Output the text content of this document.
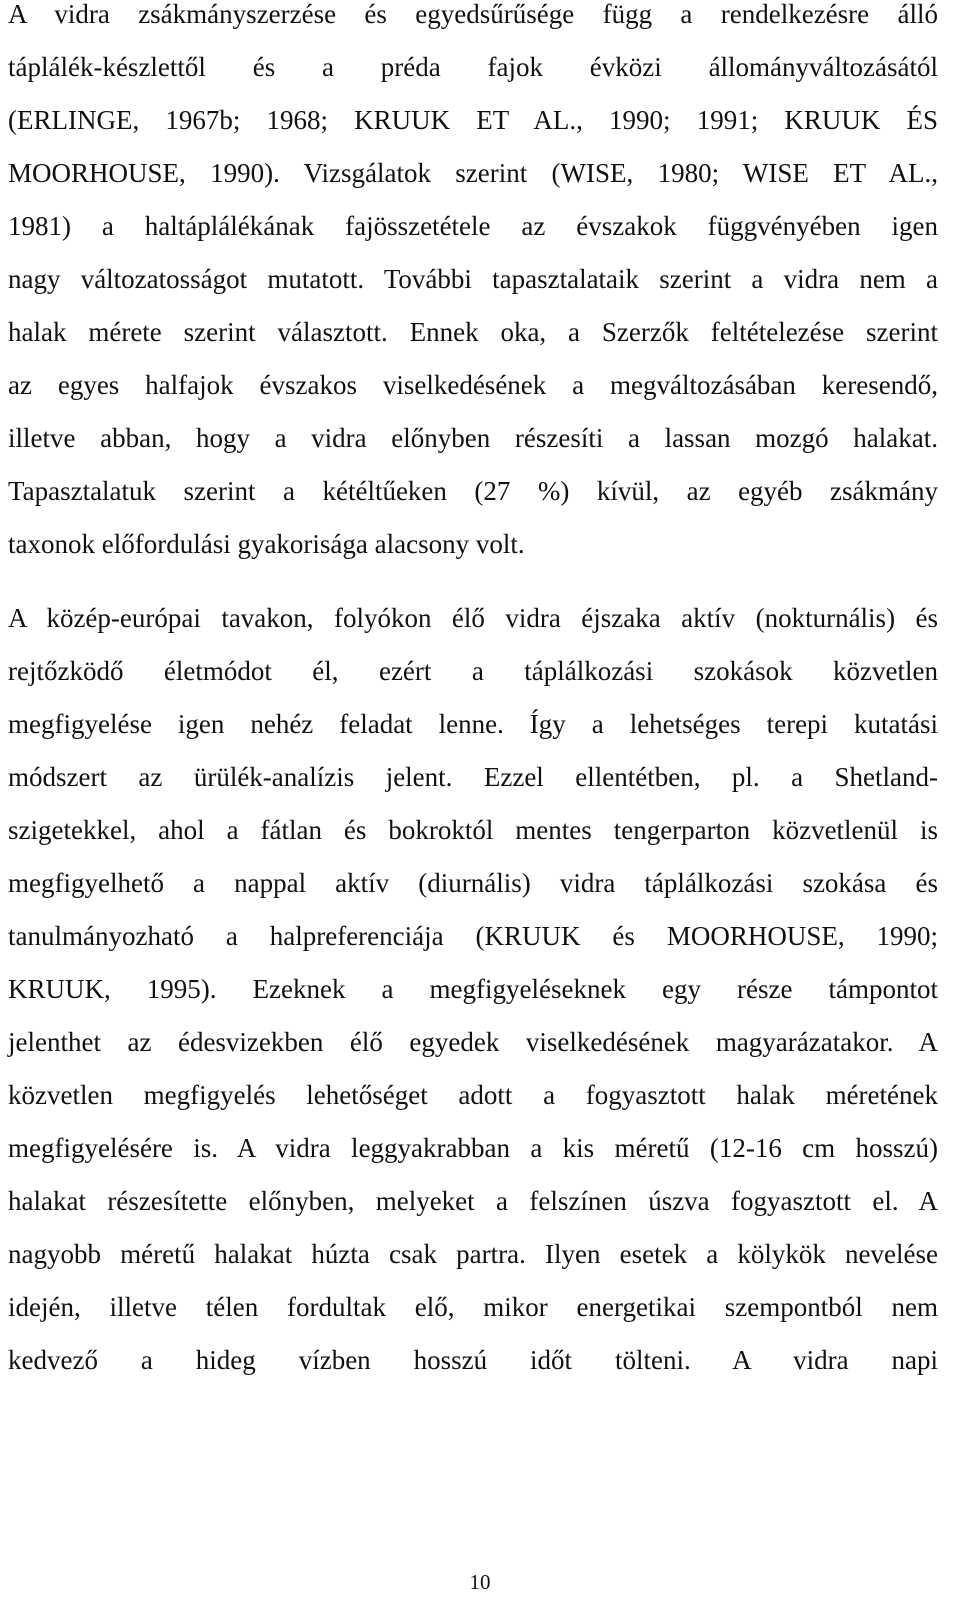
A vidra zsákmányszerzése és egyedsűrűsége függ a rendelkezésre álló
táplálék-készlettől és a préda fajok évközi állományváltozásától
(ERLINGE, 1967b; 1968; KRUUK ET AL., 1990; 1991; KRUUK ÉS
MOORHOUSE, 1990). Vizsgálatok szerint (WISE, 1980; WISE ET AL.,
1981) a haltáplálékának fajösszetétele az évszakok függvényében igen
nagy változatosságot mutatott. További tapasztalataik szerint a vidra nem a
halak mérete szerint választott. Ennek oka, a Szerzők feltételezése szerint
az egyes halfajok évszakos viselkedésének a megváltozásában keresendő,
illetve abban, hogy a vidra előnyben részesíti a lassan mozgó halakat.
Tapasztalatuk szerint a kétéltűeken (27 %) kívül, az egyéb zsákmány
taxonok előfordulási gyakorisága alacsony volt.

A közép-európai tavakon, folyókon élő vidra éjszaka aktív (nokturnális) és
rejtőzködő életmódot él, ezért a táplálkozási szokások közvetlen
megfigyelése igen nehéz feladat lenne. Így a lehetséges terepi kutatási
módszert az ürülék-analízis jelent. Ezzel ellentétben, pl. a Shetland-
szigetekkel, ahol a fátlan és bokroktól mentes tengerparton közvetlenül is
megfigyelhető a nappal aktív (diurnális) vidra táplálkozási szokása és
tanulmányozható a halpreferenciája (KRUUK és MOORHOUSE, 1990;
KRUUK, 1995). Ezeknek a megfigyeléseknek egy része támpontot
jelenthet az édesvizekben élő egyedek viselkedésének magyarázatakor. A
közvetlen megfigyelés lehetőséget adott a fogyasztott halak méretének
megfigyelésére is. A vidra leggyakrabban a kis méretű (12-16 cm hosszú)
halakat részesítette előnyben, melyeket a felszínen úszva fogyasztott el. A
nagyobb méretű halakat húzta csak partra. Ilyen esetek a kölykök nevelése
idején, illetve télen fordultak elő, mikor energetikai szempontból nem
kedvező a hideg vízben hosszú időt tölteni. A vidra napi

10
